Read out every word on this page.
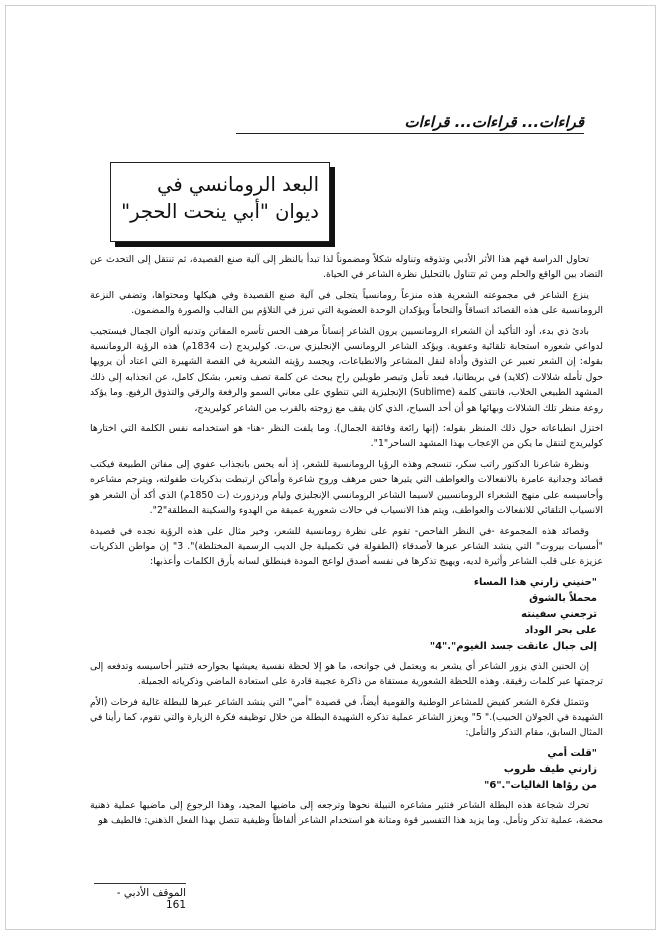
قراءات... قراءات... قراءات
البعد الرومانسي في
ديوان "أبي ينحت الحجر"

تحاول الدراسة فهم هذا الأثر الأدبي وتذوقه وتناوله شكلاً ومضموناً لذا تبدأ بالنظر إلى آلية صنع القصيدة، ثم تنتقل إلى التحدث عن التضاد بين الواقع والحلم ومن ثم تتناول بالتحليل نظرة الشاعر في الحياة.

ينزع الشاعر في مجموعته الشعرية هذه منزعاً رومانسياً يتجلى في آلية صنع القصيدة وفي هيكلها ومحتواها، وتضفي النزعة الرومانسية على هذه القصائد اتساقاً والتحاماً ويؤكدان الوحدة العضوية التي تبرز في التلاؤم بين القالب والصورة والمضمون.

بادئ ذي بدء، أود التأكيد أن الشعراء الرومانسيين يرون الشاعر إنساناً مرهف الحس تأسره المفاتن وتدنيه ألوان الجمال فيستجيب لدواعي شعوره استجابة تلقائية وعفوية. ويؤكد الشاعر الرومانسي الإنجليزي س.ت. كوليريدج (ت 1834م) هذه الرؤية الرومانسية بقوله: إن الشعر تعبير عن التذوق وأداة لنقل المشاعر والانطباعات، ويجسد رؤيته الشعرية في القصة الشهيرة التي اعتاد أن يرويها حول تأمله شلالات (كلايد) في بريطانيا، فبعد تأمل وتبصر طويلين راح يبحث عن كلمة تصف وتعبر، بشكل كامل، عن انجذابه إلى ذلك المشهد الطبيعي الخلاب، فانتقى كلمة (Sublime) الإنجليزية التي تنطوي على معاني السمو والرفعة والرقي والتذوق الرفيع. وما يؤكد روعة منظر تلك الشلالات وبهائها هو أن أحد السياح، الذي كان يقف مع زوجته بالقرب من الشاعر كوليريدج،

اختزل انطباعاته حول ذلك المنظر بقوله: (إنها رائعة وفائقة الجمال). وما يلفت النظر -هنا- هو استخدامه نفس الكلمة التي اختارها كوليريدج لتنقل ما يكن من الإعجاب بهذا المشهد الساحر"1".

ونظرة شاعرنا الدكتور راتب سكر، تنسجم وهذه الرؤيا الرومانسية للشعر، إذ أنه يحس بانجذاب عفوي إلى مفاتن الطبيعة فيكتب قصائد وجدانية عامرة بالانفعالات والعواطف التي يثيرها حس مرهف وروح شاعرة وأماكن ارتبطت بذكريات طفولته، ويترجم مشاعره وأحاسيسه على منهج الشعراء الرومانسيين لاسيما الشاعر الرومانسي الإنجليزي وليام وردزورث (ت 1850م) الذي أكد أن الشعر هو الانسياب التلقائي للانفعالات والعواطف، ويتم هذا الانسياب في حالات شعورية عميقة من الهدوء والسكينة المطلقة"2".

وقصائد هذه المجموعة -في النظر الفاحص- تقوم على نظرة رومانسية للشعر، وخير مثال على هذه الرؤية نجده في قصيدة "أمسيات بيروت" التي ينشد الشاعر عبرها لأصدقاء (الطفولة في تكميلية جل الديب الرسمية المختلطة)". 3" إن مواطن الذكريات عزيزة على قلب الشاعر وأثيرة لديه، ويهيج تذكرها في نفسه أصدق لواعج المودة فينطلق لسانه بأرق الكلمات وأعذبها:

"حنيني زارني هذا المساء
محملاً بالشوق
ترجعني سفينته
على بحر الوداد
إلى جبال عانقت جسد الغيوم"."4"

إن الحنين الذي يزور الشاعر أي يشعر به ويعتمل في جوانحه، ما هو إلا لحظة نفسية يعيشها بجوارحه فتثير أحاسيسه وتدفعه إلى ترجمتها عبر كلمات رقيقة. وهذه اللحظة الشعورية مستقاة من ذاكرة عجيبة قادرة على استعادة الماضي وذكرياته الجميلة.

وتتمثل فكرة الشعر كفيض للمشاعر الوطنية والقومية أيضاً، في قصيدة "أمي" التي ينشد الشاعر عبرها للبطلة غالية فرحات (الأم الشهيدة في الجولان الحبيب)." 5" ويعزز الشاعر عملية تذكره الشهيدة البطلة من خلال توظيفه فكرة الزيارة والتي تقوم، كما رأينا في المثال السابق، مقام التذكر والتأمل:

"قلت أمي
زارني طيف طروب
من رؤاها الغاليات"."6"

تحرك شجاعة هذه البطلة الشاعر فتثير مشاعره النبيلة نحوها وترجعه إلى ماضيها المجيد، وهذا الرجوع إلى ماضيها عملية ذهنية محضة، عملية تذكر وتأمل. وما يزيد هذا التفسير قوة ومتانة هو استخدام الشاعر ألفاظاً وظيفية تتصل بهذا الفعل الذهني: فالطيف هو

الموقف الأدبي - 161
